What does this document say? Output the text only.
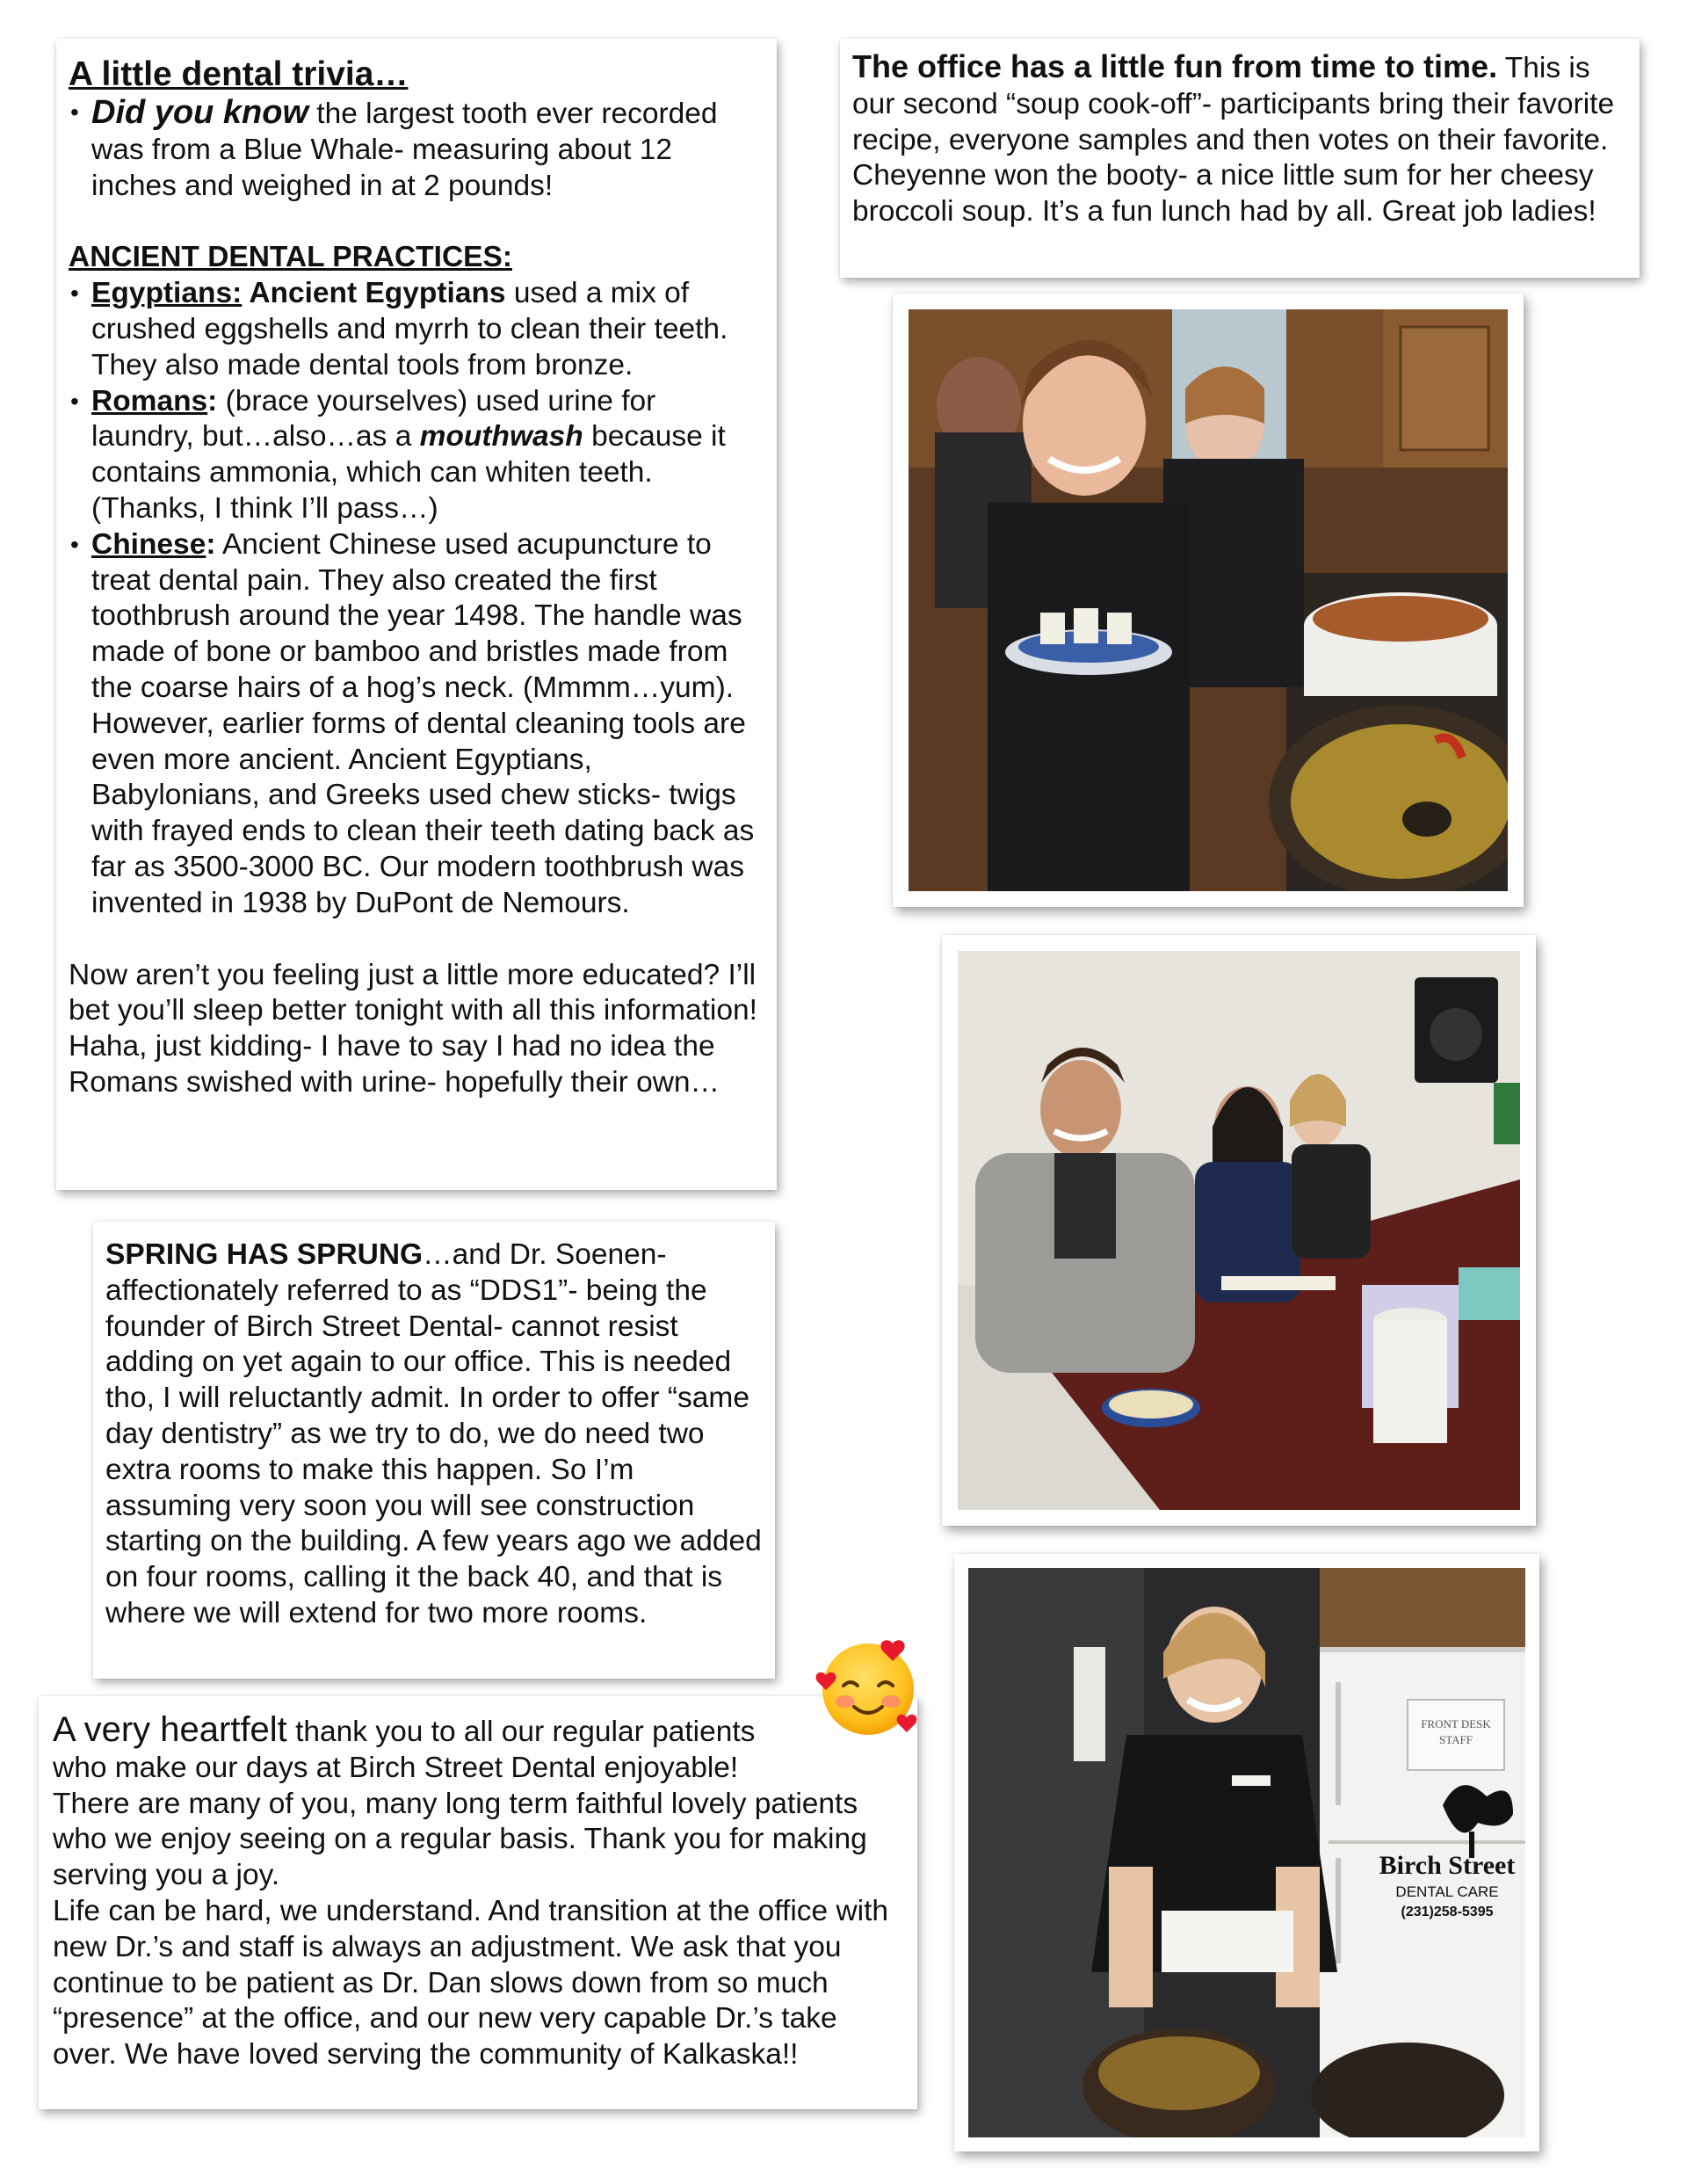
A little dental trivia…
• Did you know the largest tooth ever recorded was from a Blue Whale- measuring about 12 inches and weighed in at 2 pounds!
ANCIENT DENTAL PRACTICES:
• Egyptians: Ancient Egyptians used a mix of crushed eggshells and myrrh to clean their teeth. They also made dental tools from bronze.
• Romans: (brace yourselves) used urine for laundry, but…also…as a mouthwash because it contains ammonia, which can whiten teeth. (Thanks, I think I’ll pass…)
• Chinese: Ancient Chinese used acupuncture to treat dental pain. They also created the first toothbrush around the year 1498. The handle was made of bone or bamboo and bristles made from the coarse hairs of a hog’s neck. (Mmmm…yum). However, earlier forms of dental cleaning tools are even more ancient. Ancient Egyptians, Babylonians, and Greeks used chew sticks- twigs with frayed ends to clean their teeth dating back as far as 3500-3000 BC. Our modern toothbrush was invented in 1938 by DuPont de Nemours.
Now aren’t you feeling just a little more educated? I’ll bet you’ll sleep better tonight with all this information! Haha, just kidding- I have to say I had no idea the Romans swished with urine- hopefully their own…
The office has a little fun from time to time. This is our second “soup cook-off”- participants bring their favorite recipe, everyone samples and then votes on their favorite. Cheyenne won the booty- a nice little sum for her cheesy broccoli soup. It’s a fun lunch had by all. Great job ladies!
SPRING HAS SPRUNG…and Dr. Soenen- affectionately referred to as “DDS1”- being the founder of Birch Street Dental- cannot resist adding on yet again to our office. This is needed tho, I will reluctantly admit. In order to offer “same day dentistry” as we try to do, we do need two extra rooms to make this happen. So I’m assuming very soon you will see construction starting on the building. A few years ago we added on four rooms, calling it the back 40, and that is where we will extend for two more rooms.
A very heartfelt thank you to all our regular patients
who make our days at Birch Street Dental enjoyable!
There are many of you, many long term faithful lovely patients who we enjoy seeing on a regular basis. Thank you for making serving you a joy.
Life can be hard, we understand. And transition at the office with new Dr.’s and staff is always an adjustment. We ask that you continue to be patient as Dr. Dan slows down from so much “presence” at the office, and our new very capable Dr.’s take over. We have loved serving the community of Kalkaska!!
FRONT DESK
STAFF
Birch Street
DENTAL CARE
(231)258-5395
